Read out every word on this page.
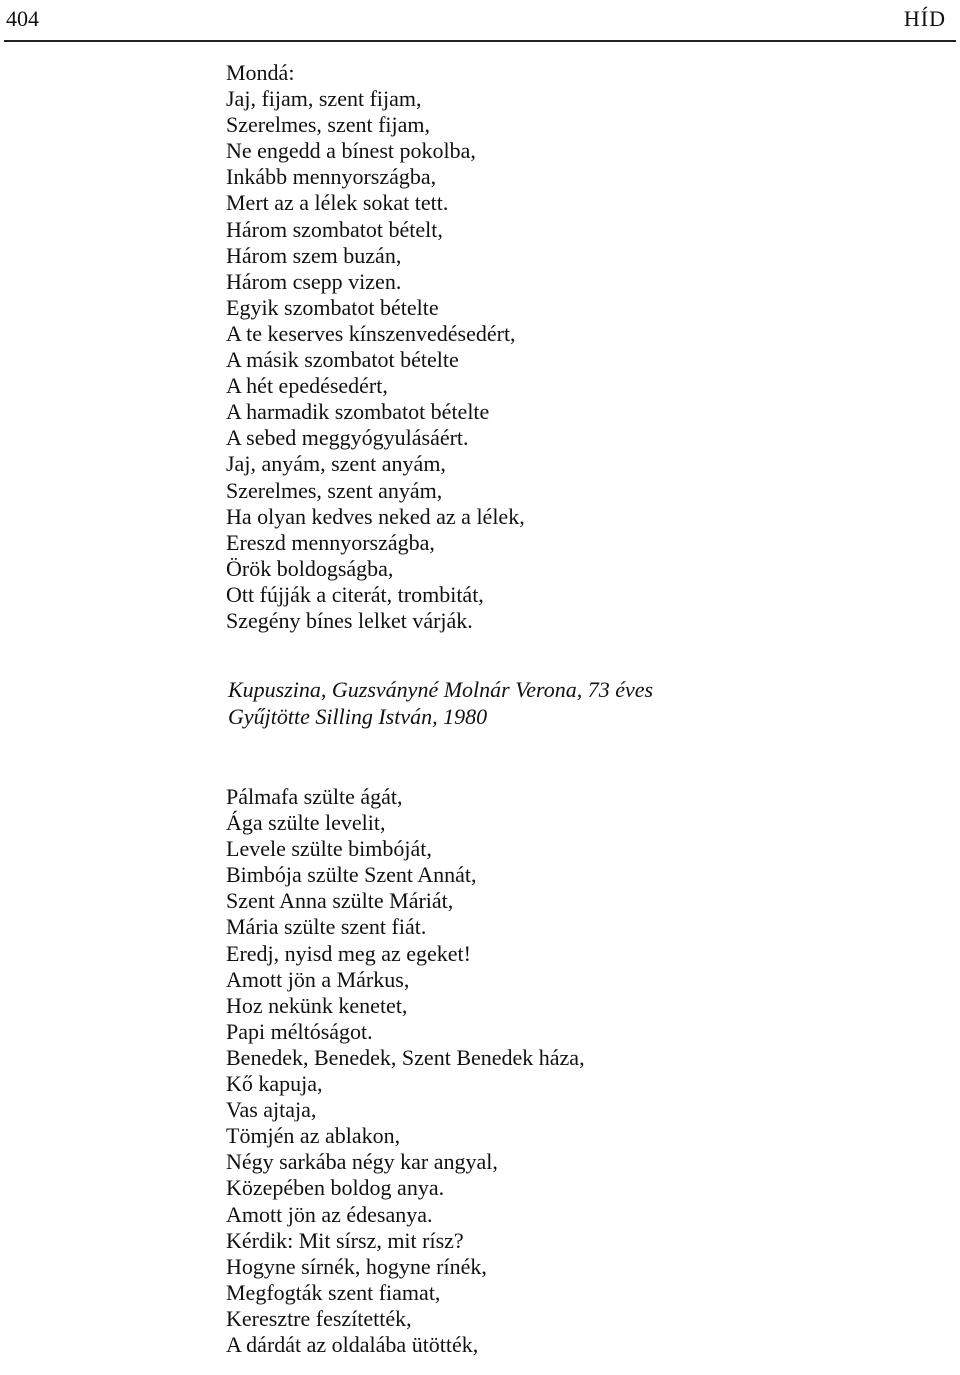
404	HÍD
Mondá:
Jaj, fijam, szent fijam,
Szerelmes, szent fijam,
Ne engedd a bínest pokolba,
Inkább mennyországba,
Mert az a lélek sokat tett.
Három szombatot bételt,
Három szem buzán,
Három csepp vizen.
Egyik szombatot bételte
A te keserves kínszenvedésedért,
A másik szombatot bételte
A hét epedésedért,
A harmadik szombatot bételte
A sebed meggyógyulásáért.
Jaj, anyám, szent anyám,
Szerelmes, szent anyám,
Ha olyan kedves neked az a lélek,
Ereszd mennyországba,
Örök boldogságba,
Ott fújják a citerát, trombitát,
Szegény bínes lelket várják.
Kupuszina, Guzsványné Molnár Verona, 73 éves
Gyűjtötte Silling István, 1980
Pálmafa szülte ágát,
Ága szülte levelit,
Levele szülte bimbóját,
Bimbója szülte Szent Annát,
Szent Anna szülte Máriát,
Mária szülte szent fiát.
Eredj, nyisd meg az egeket!
Amott jön a Márkus,
Hoz nekünk kenetet,
Papi méltóságot.
Benedek, Benedek, Szent Benedek háza,
Kő kapuja,
Vas ajtaja,
Tömjén az ablakon,
Négy sarkába négy kar angyal,
Közepében boldog anya.
Amott jön az édesanya.
Kérdik: Mit sírsz, mit rísz?
Hogyne sírnék, hogyne rínék,
Megfogták szent fiamat,
Keresztre feszítették,
A dárdát az oldalába ütötték,
